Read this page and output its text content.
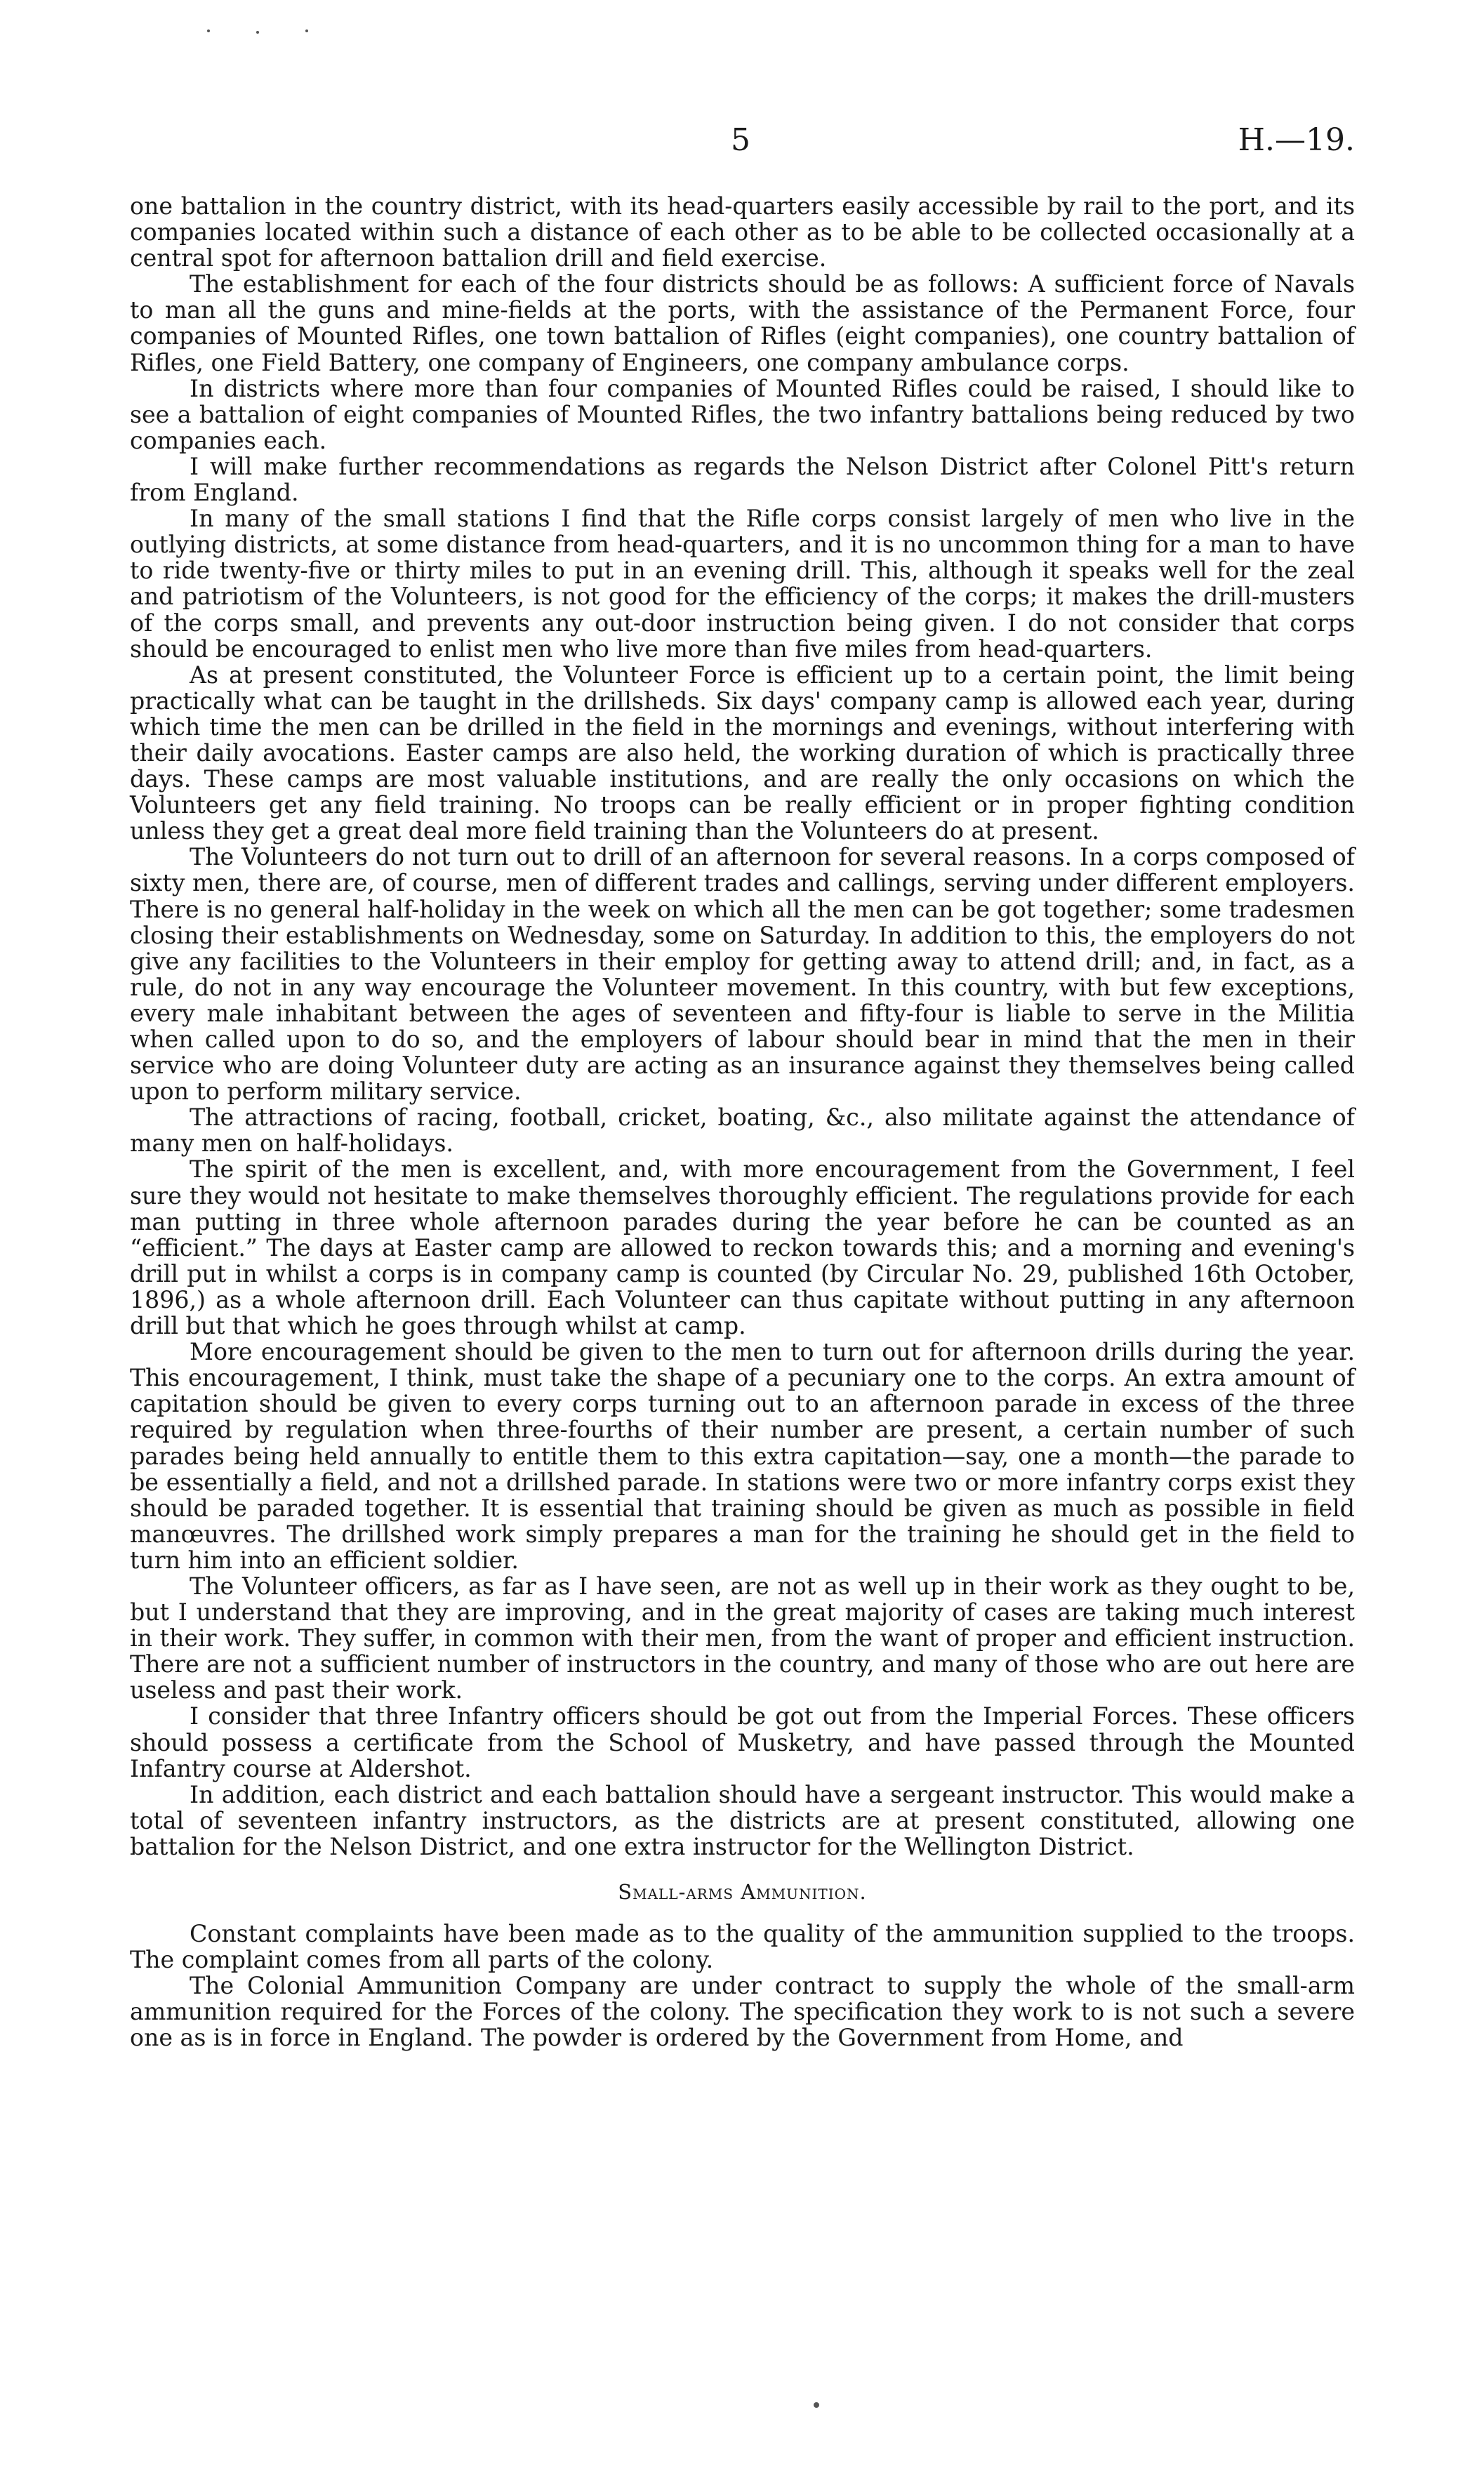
5	H.—19.

one battalion in the country district, with its head-quarters easily accessible by rail to the port, and its companies located within such a distance of each other as to be able to be collected occasionally at a central spot for afternoon battalion drill and field exercise.

The establishment for each of the four districts should be as follows: A sufficient force of Navals to man all the guns and mine-fields at the ports, with the assistance of the Permanent Force, four companies of Mounted Rifles, one town battalion of Rifles (eight companies), one country battalion of Rifles, one Field Battery, one company of Engineers, one company ambulance corps.

In districts where more than four companies of Mounted Rifles could be raised, I should like to see a battalion of eight companies of Mounted Rifles, the two infantry battalions being reduced by two companies each.

I will make further recommendations as regards the Nelson District after Colonel Pitt's return from England.

In many of the small stations I find that the Rifle corps consist largely of men who live in the outlying districts, at some distance from head-quarters, and it is no uncommon thing for a man to have to ride twenty-five or thirty miles to put in an evening drill. This, although it speaks well for the zeal and patriotism of the Volunteers, is not good for the efficiency of the corps; it makes the drill-musters of the corps small, and prevents any out-door instruction being given. I do not consider that corps should be encouraged to enlist men who live more than five miles from head-quarters.

As at present constituted, the Volunteer Force is efficient up to a certain point, the limit being practically what can be taught in the drillsheds. Six days' company camp is allowed each year, during which time the men can be drilled in the field in the mornings and evenings, without interfering with their daily avocations. Easter camps are also held, the working duration of which is practically three days. These camps are most valuable institutions, and are really the only occasions on which the Volunteers get any field training. No troops can be really efficient or in proper fighting condition unless they get a great deal more field training than the Volunteers do at present.

The Volunteers do not turn out to drill of an afternoon for several reasons. In a corps composed of sixty men, there are, of course, men of different trades and callings, serving under different employers. There is no general half-holiday in the week on which all the men can be got together; some tradesmen closing their establishments on Wednesday, some on Saturday. In addition to this, the employers do not give any facilities to the Volunteers in their employ for getting away to attend drill; and, in fact, as a rule, do not in any way encourage the Volunteer movement. In this country, with but few exceptions, every male inhabitant between the ages of seventeen and fifty-four is liable to serve in the Militia when called upon to do so, and the employers of labour should bear in mind that the men in their service who are doing Volunteer duty are acting as an insurance against they themselves being called upon to perform military service.

The attractions of racing, football, cricket, boating, &c., also militate against the attendance of many men on half-holidays.

The spirit of the men is excellent, and, with more encouragement from the Government, I feel sure they would not hesitate to make themselves thoroughly efficient. The regulations provide for each man putting in three whole afternoon parades during the year before he can be counted as an “efficient.” The days at Easter camp are allowed to reckon towards this; and a morning and evening's drill put in whilst a corps is in company camp is counted (by Circular No. 29, published 16th October, 1896,) as a whole afternoon drill. Each Volunteer can thus capitate without putting in any afternoon drill but that which he goes through whilst at camp.

More encouragement should be given to the men to turn out for afternoon drills during the year. This encouragement, I think, must take the shape of a pecuniary one to the corps. An extra amount of capitation should be given to every corps turning out to an afternoon parade in excess of the three required by regulation when three-fourths of their number are present, a certain number of such parades being held annually to entitle them to this extra capitation—say, one a month—the parade to be essentially a field, and not a drillshed parade. In stations were two or more infantry corps exist they should be paraded together. It is essential that training should be given as much as possible in field manœuvres. The drillshed work simply prepares a man for the training he should get in the field to turn him into an efficient soldier.

The Volunteer officers, as far as I have seen, are not as well up in their work as they ought to be, but I understand that they are improving, and in the great majority of cases are taking much interest in their work. They suffer, in common with their men, from the want of proper and efficient instruction. There are not a sufficient number of instructors in the country, and many of those who are out here are useless and past their work.

I consider that three Infantry officers should be got out from the Imperial Forces. These officers should possess a certificate from the School of Musketry, and have passed through the Mounted Infantry course at Aldershot.

In addition, each district and each battalion should have a sergeant instructor. This would make a total of seventeen infantry instructors, as the districts are at present constituted, allowing one battalion for the Nelson District, and one extra instructor for the Wellington District.

Small-arms Ammunition.

Constant complaints have been made as to the quality of the ammunition supplied to the troops. The complaint comes from all parts of the colony.

The Colonial Ammunition Company are under contract to supply the whole of the small-arm ammunition required for the Forces of the colony. The specification they work to is not such a severe one as is in force in England. The powder is ordered by the Government from Home, and
